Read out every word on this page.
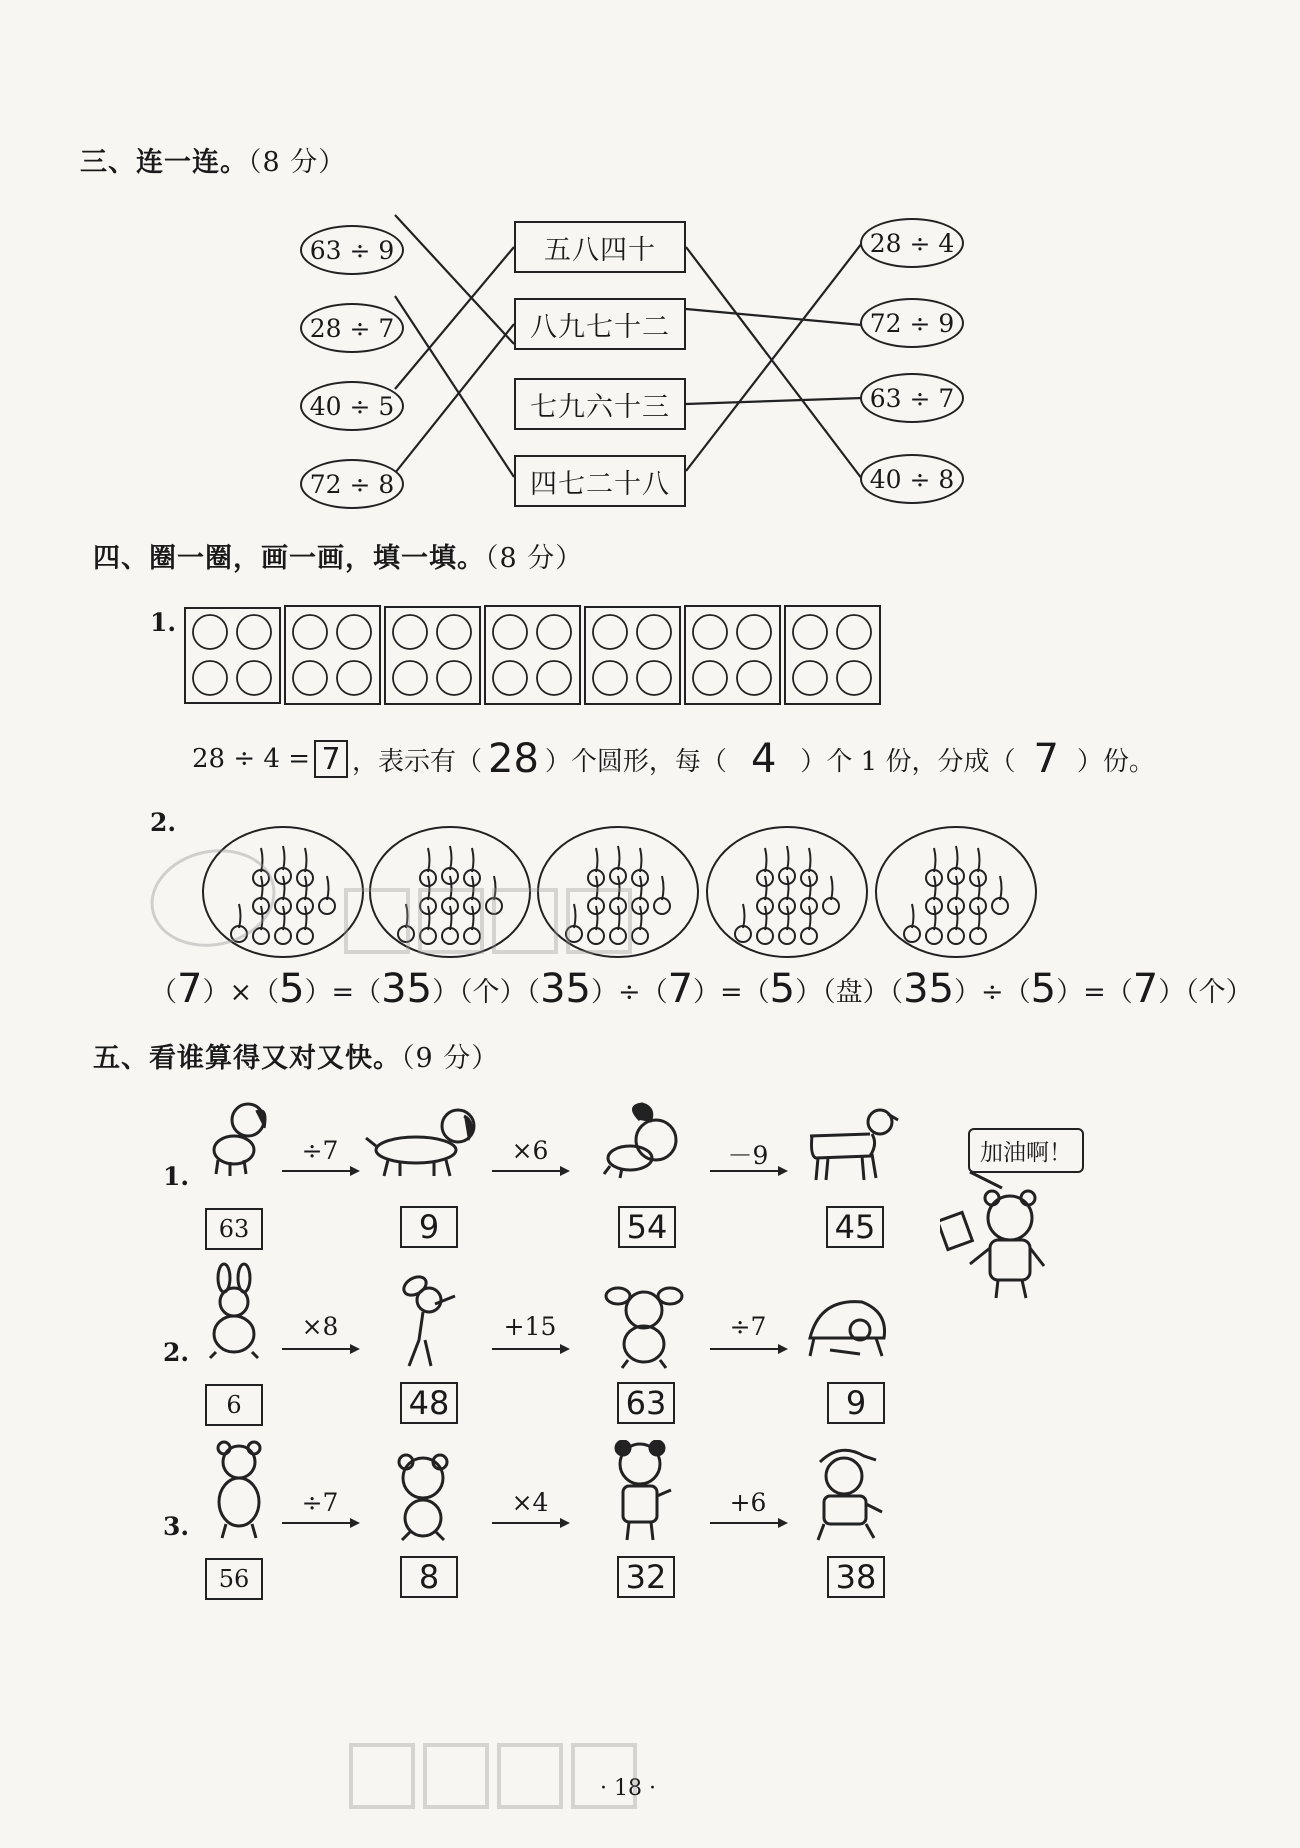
三、连一连。（8 分）
63 ÷ 9
28 ÷ 7
40 ÷ 5
72 ÷ 8
五八四十
八九七十二
七九六十三
四七二十八
28 ÷ 4
72 ÷ 9
63 ÷ 7
40 ÷ 8
四、圈一圈，画一画，填一填。（8 分）
1.
28 ÷ 4 = 7 ，表示有（ 28 ）个圆形，每（ 4 ）个 1 份，分成（ 7 ）份。
2.
（ 7 ）×（ 5 ）=（ 35 ）（个）（ 35 ）÷（ 7 ）=（ 5 ）（盘）（ 35 ）÷（ 5 ）=（ 7 ）（个）
五、看谁算得又对又快。（9 分）
1.
÷7	×6	－9
63	9	54	45
加油啊！
2.
×8	+15	÷7
6	48	63	9
3.
÷7	×4	+6
56	8	32	38
· 18 ·
